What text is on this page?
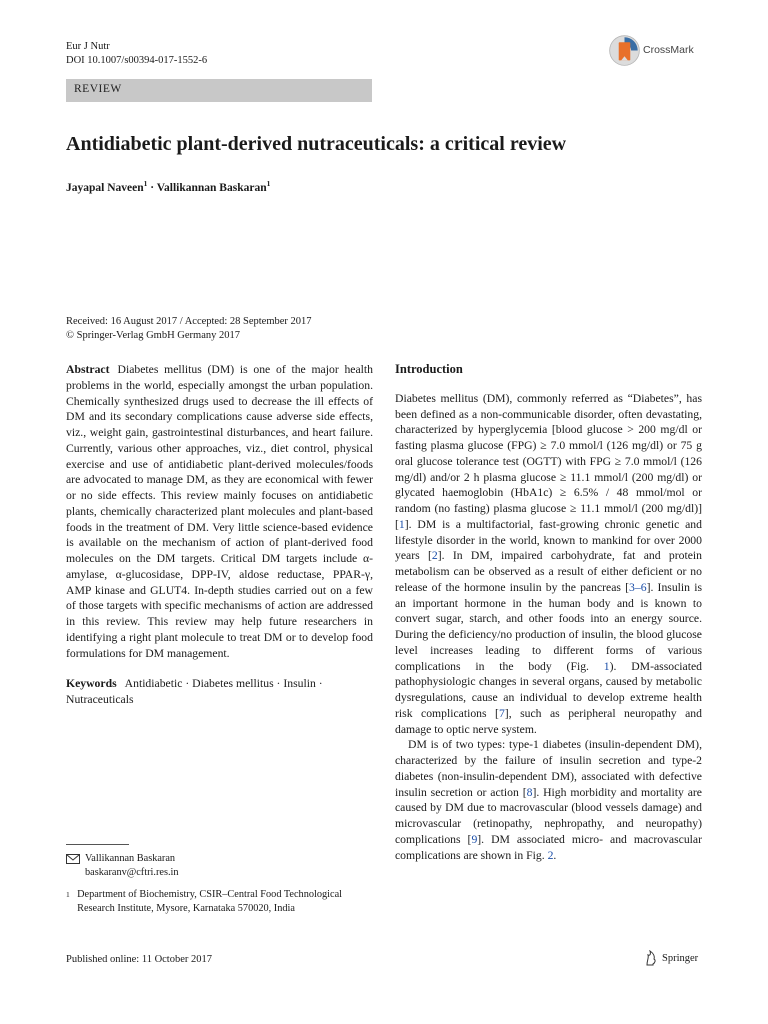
Eur J Nutr
DOI 10.1007/s00394-017-1552-6
CrossMark
REVIEW
Antidiabetic plant-derived nutraceuticals: a critical review
Jayapal Naveen$^1$ · Vallikannan Baskaran$^1$
Received: 16 August 2017 / Accepted: 28 September 2017
© Springer-Verlag GmbH Germany 2017

Abstract Diabetes mellitus (DM) is one of the major health problems in the world, especially amongst the urban population. Chemically synthesized drugs used to decrease the ill effects of DM and its secondary complications cause adverse side effects, viz., weight gain, gastrointestinal disturbances, and heart failure. Currently, various other approaches, viz., diet control, physical exercise and use of antidiabetic plant-derived molecules/foods are advocated to manage DM, as they are economical with fewer or no side effects. This review mainly focuses on antidiabetic plants, chemically characterized plant molecules and plant-based foods in the treatment of DM. Very little science-based evidence is available on the mechanism of action of plant-derived food molecules on the DM targets. Critical DM targets include α-amylase, α-glucosidase, DPP-IV, aldose reductase, PPAR-γ, AMP kinase and GLUT4. In-depth studies carried out on a few of those targets with specific mechanisms of action are addressed in this review. This review may help future researchers in identifying a right plant molecule to treat DM or to develop food formulations for DM management.

Keywords Antidiabetic · Diabetes mellitus · Insulin · Nutraceuticals

Vallikannan Baskaran
baskaranv@cftri.res.in
1 Department of Biochemistry, CSIR–Central Food Technological Research Institute, Mysore, Karnataka 570020, India
Introduction

Diabetes mellitus (DM), commonly referred as “Diabetes”, has been defined as a non-communicable disorder, often devastating, characterized by hyperglycemia [blood glucose > 200 mg/dl or fasting plasma glucose (FPG) ≥ 7.0 mmol/l (126 mg/dl) or 75 g oral glucose tolerance test (OGTT) with FPG ≥ 7.0 mmol/l (126 mg/dl) and/or 2 h plasma glucose ≥ 11.1 mmol/l (200 mg/dl) or glycated haemoglobin (HbA1c) ≥ 6.5% / 48 mmol/mol or random (no fasting) plasma glucose ≥ 11.1 mmol/l (200 mg/dl)] [1]. DM is a multifactorial, fast-growing chronic genetic and lifestyle disorder in the world, known to mankind for over 2000 years [2]. In DM, impaired carbohydrate, fat and protein metabolism can be observed as a result of either deficient or no release of the hormone insulin by the pancreas [3–6]. Insulin is an important hormone in the human body and is known to convert sugar, starch, and other foods into an energy source. During the deficiency/no production of insulin, the blood glucose level increases leading to different forms of various complications in the body (Fig. 1). DM-associated pathophysiologic changes in several organs, caused by metabolic dysregulations, cause an individual to develop extreme health risk complications [7], such as peripheral neuropathy and damage to optic nerve system.

DM is of two types: type-1 diabetes (insulin-dependent DM), characterized by the failure of insulin secretion and type-2 diabetes (non-insulin-dependent DM), associated with defective insulin secretion or action [8]. High morbidity and mortality are caused by DM due to macrovascular (blood vessels damage) and microvascular (retinopathy, nephropathy, and neuropathy) complications [9]. DM associated micro- and macrovascular complications are shown in Fig. 2.

Published online: 11 October 2017	Springer
